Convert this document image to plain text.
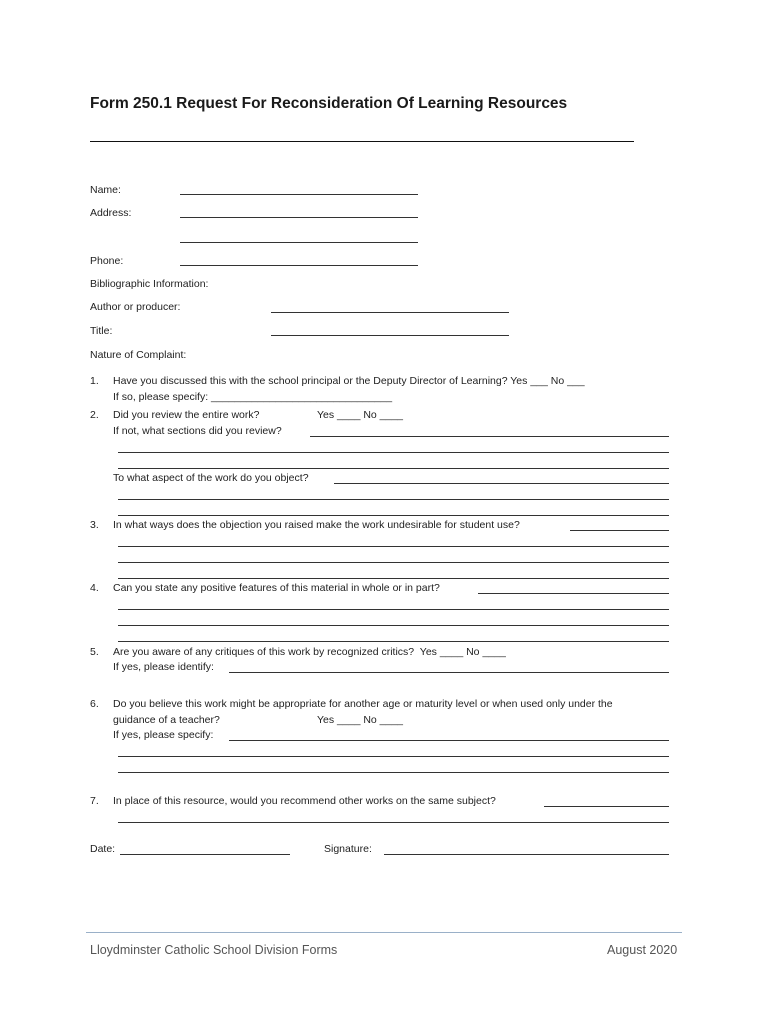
Form 250.1 Request For Reconsideration Of Learning Resources
Name:
Address:
Phone:
Bibliographic Information:
Author or producer:
Title:
Nature of Complaint:
1. Have you discussed this with the school principal or the Deputy Director of Learning? Yes ___ No ___
If so, please specify: _______________________________
2. Did you review the entire work?	Yes ____ No ____
If not, what sections did you review?
To what aspect of the work do you object?
3. In what ways does the objection you raised make the work undesirable for student use?
4. Can you state any positive features of this material in whole or in part?
5. Are you aware of any critiques of this work by recognized critics?  Yes ____ No ____
If yes, please identify:
6. Do you believe this work might be appropriate for another age or maturity level or when used only under the
guidance of a teacher?	Yes ____ No ____
If yes, please specify:
7. In place of this resource, would you recommend other works on the same subject?
Date:	Signature:
Lloydminster Catholic School Division Forms	August 2020
